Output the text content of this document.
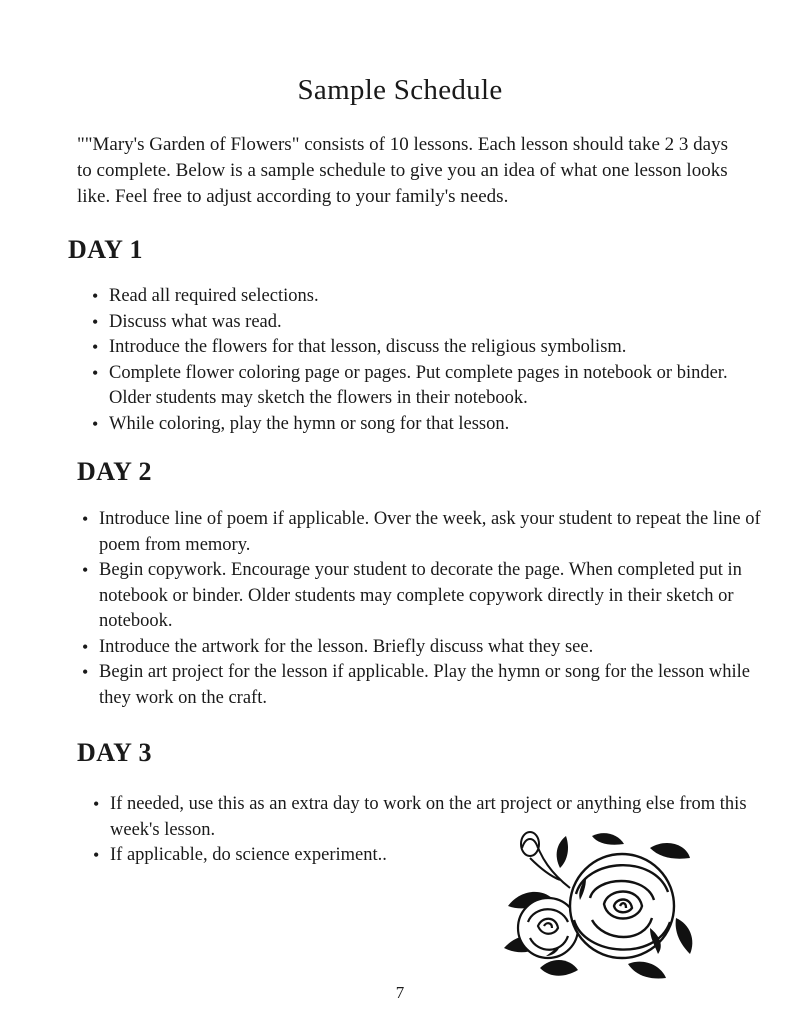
Sample Schedule

""Mary's Garden of Flowers" consists of 10 lessons. Each lesson should take 2 3 days to complete. Below is a sample schedule to give you an idea of what one lesson looks like. Feel free to adjust according to your family's needs.

DAY 1
• Read all required selections.
• Discuss what was read.
• Introduce the flowers for that lesson, discuss the religious symbolism.
• Complete flower coloring page or pages. Put complete pages in notebook or binder. Older students may sketch the flowers in their notebook.
• While coloring, play the hymn or song for that lesson.
DAY 2
• Introduce line of poem if applicable. Over the week, ask your student to repeat the line of poem from memory.
• Begin copywork. Encourage your student to decorate the page. When completed put in notebook or binder. Older students may complete copywork directly in their sketch or notebook.
• Introduce the artwork for the lesson. Briefly discuss what they see.
• Begin art project for the lesson if applicable. Play the hymn or song for the lesson while they work on the craft.
DAY 3
• If needed, use this as an extra day to work on the art project or anything else from this week's lesson.
• If applicable, do science experiment..
7
